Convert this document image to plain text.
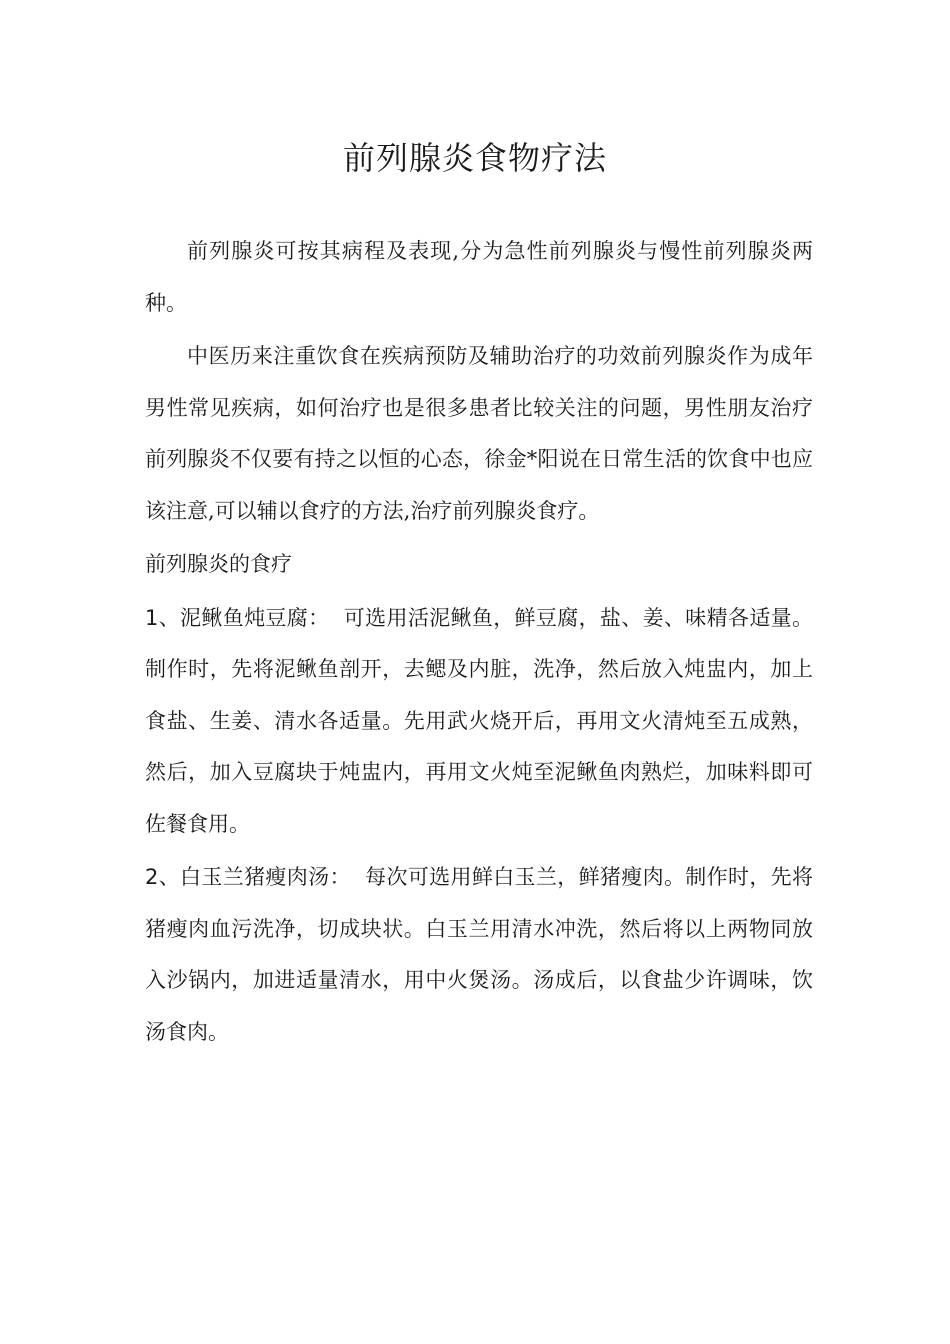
前列腺炎食物疗法

前列腺炎可按其病程及表现,分为急性前列腺炎与慢性前列腺炎两种。

中医历来注重饮食在疾病预防及辅助治疗的功效前列腺炎作为成年男性常见疾病，如何治疗也是很多患者比较关注的问题，男性朋友治疗前列腺炎不仅要有持之以恒的心态，徐金*阳说在日常生活的饮食中也应该注意,可以辅以食疗的方法,治疗前列腺炎食疗。

前列腺炎的食疗

1、泥鳅鱼炖豆腐： 可选用活泥鳅鱼，鲜豆腐，盐、姜、味精各适量。制作时，先将泥鳅鱼剖开，去鳃及内脏，洗净，然后放入炖盅内，加上食盐、生姜、清水各适量。先用武火烧开后，再用文火清炖至五成熟，然后，加入豆腐块于炖盅内，再用文火炖至泥鳅鱼肉熟烂，加味料即可佐餐食用。

2、白玉兰猪瘦肉汤： 每次可选用鲜白玉兰，鲜猪瘦肉。制作时，先将猪瘦肉血污洗净，切成块状。白玉兰用清水冲洗，然后将以上两物同放入沙锅内，加进适量清水，用中火煲汤。汤成后，以食盐少许调味，饮汤食肉。
